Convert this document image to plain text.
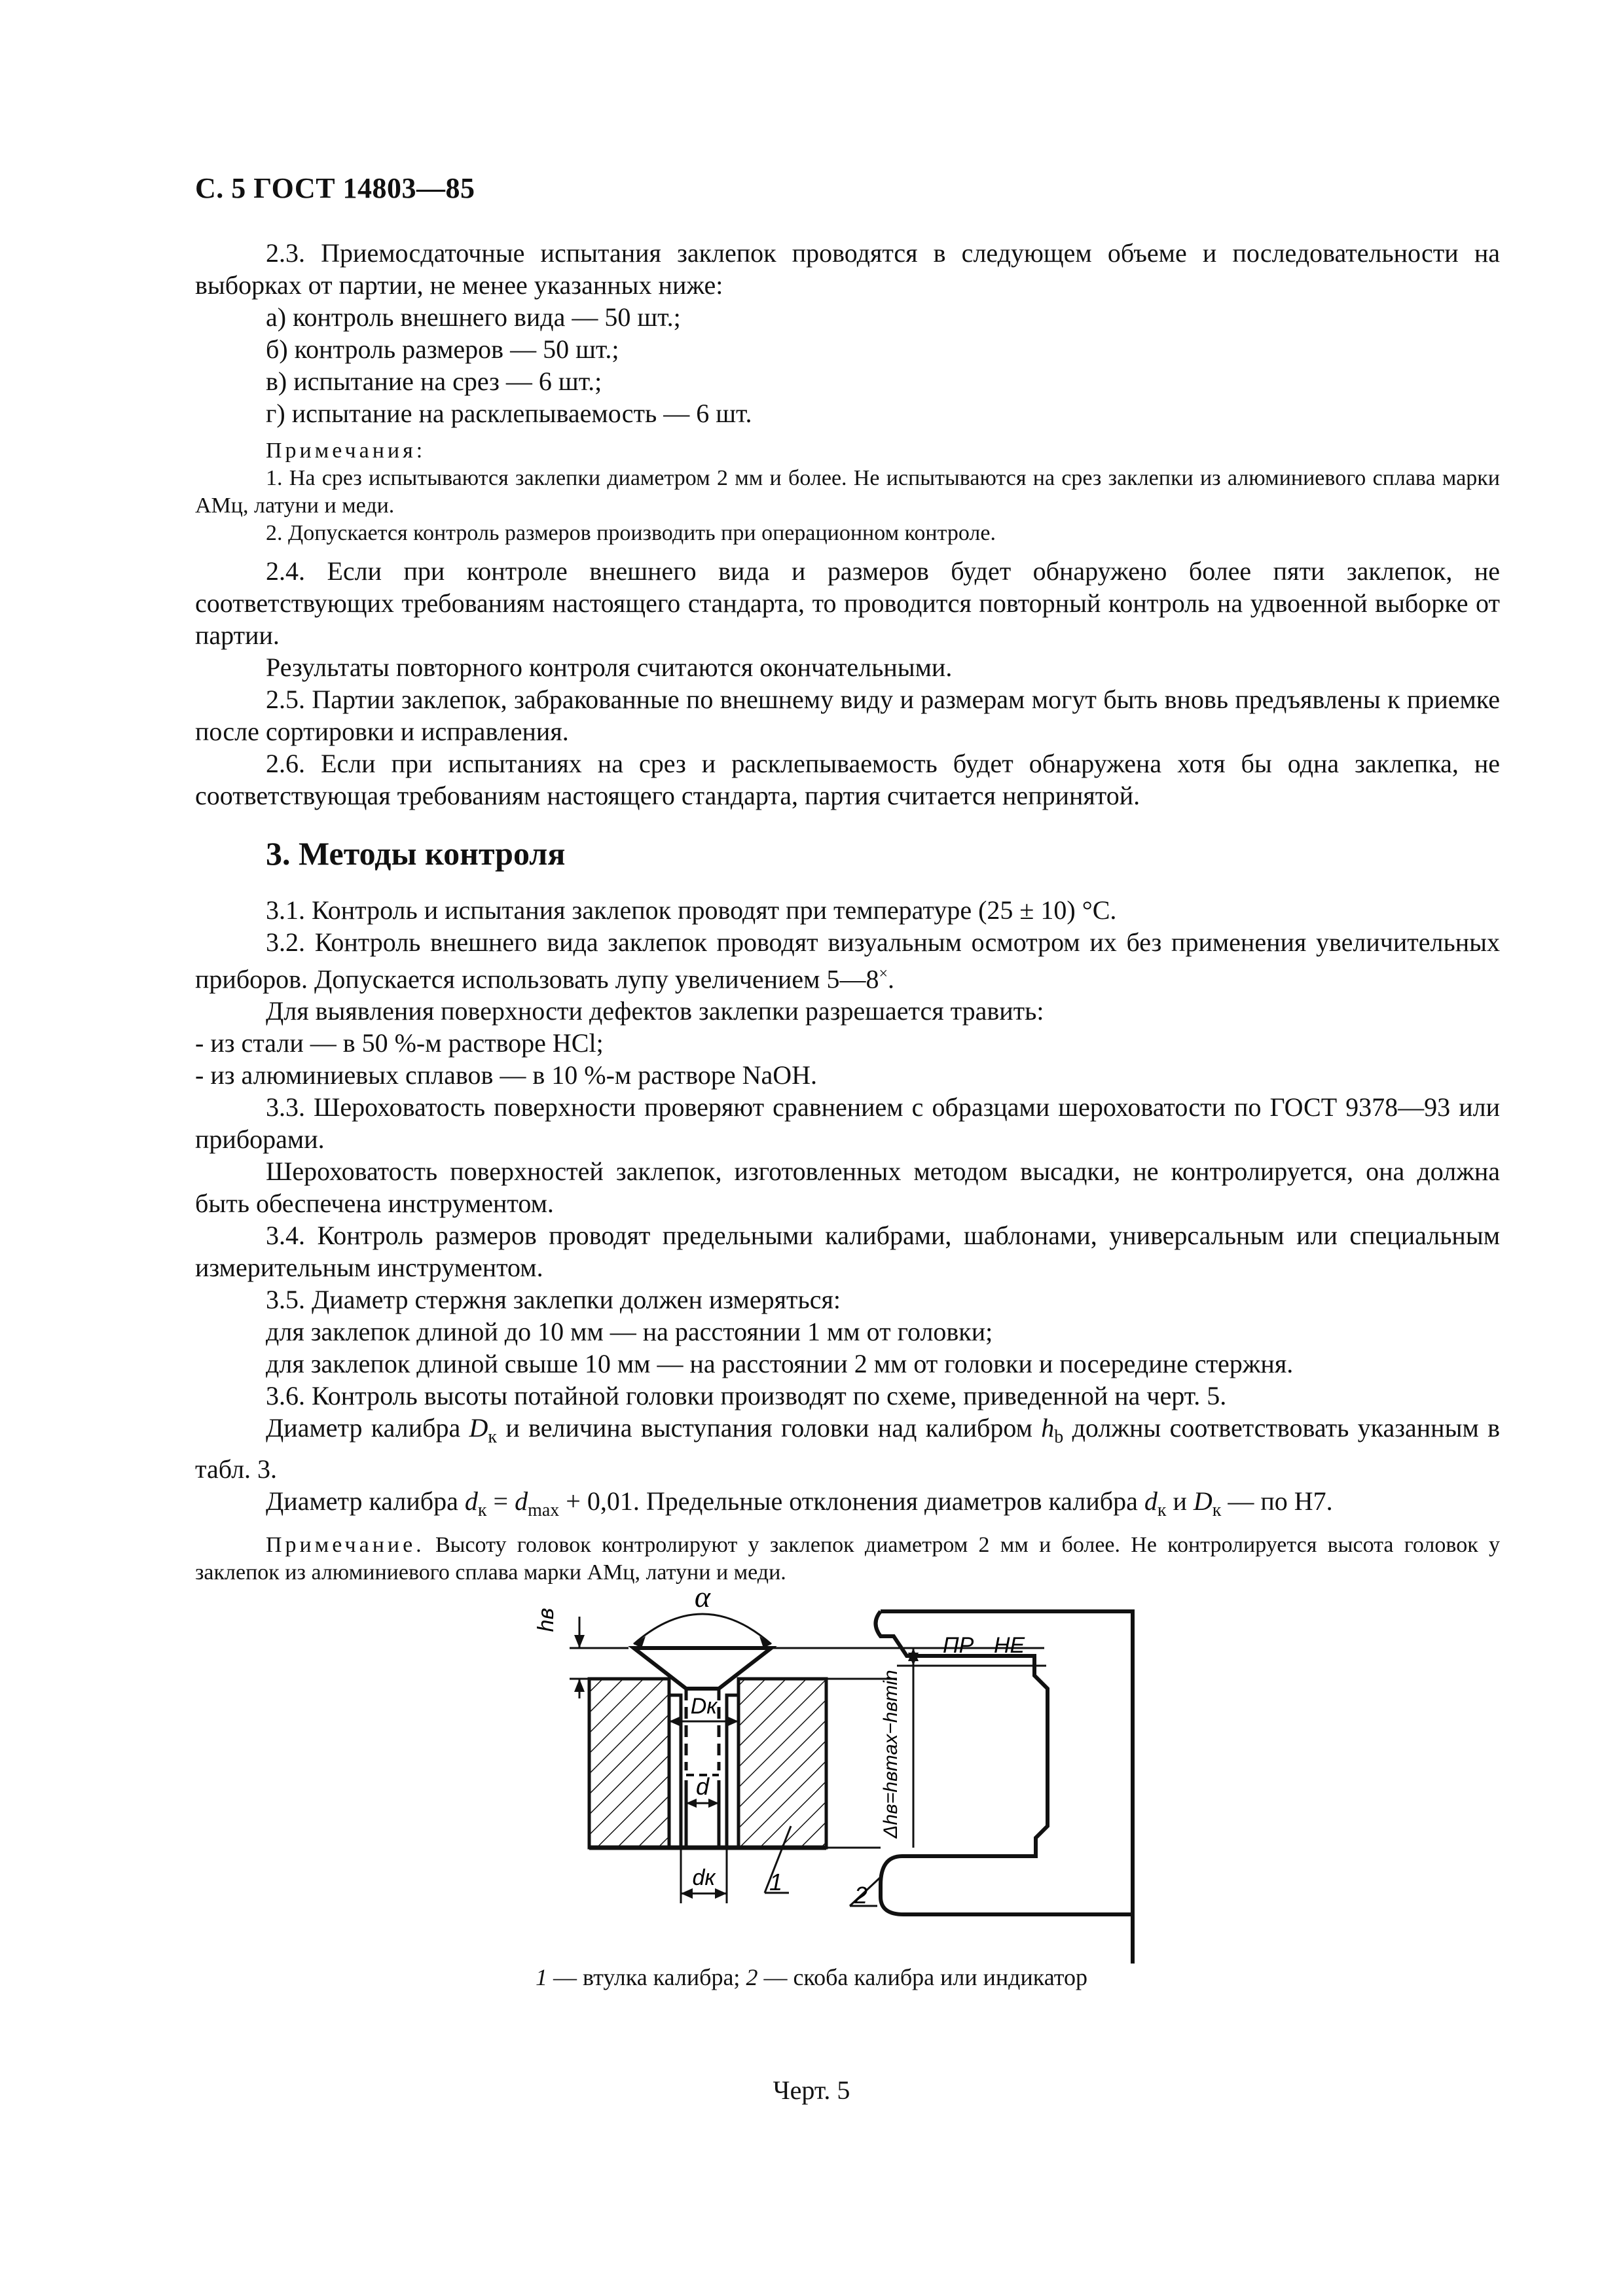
С. 5 ГОСТ 14803—85

2.3. Приемосдаточные испытания заклепок проводятся в следующем объеме и последовательности на выборках от партии, не менее указанных ниже:

а) контроль внешнего вида — 50 шт.;

б) контроль размеров — 50 шт.;

в) испытание на срез — 6 шт.;

г) испытание на расклепываемость — 6 шт.

Примечания:

1. На срез испытываются заклепки диаметром 2 мм и более. Не испытываются на срез заклепки из алюминиевого сплава марки АМц, латуни и меди.

2. Допускается контроль размеров производить при операционном контроле.

2.4. Если при контроле внешнего вида и размеров будет обнаружено более пяти заклепок, не соответствующих требованиям настоящего стандарта, то проводится повторный контроль на удвоенной выборке от партии.

Результаты повторного контроля считаются окончательными.

2.5. Партии заклепок, забракованные по внешнему виду и размерам могут быть вновь предъявлены к приемке после сортировки и исправления.

2.6. Если при испытаниях на срез и расклепываемость будет обнаружена хотя бы одна заклепка, не соответствующая требованиям настоящего стандарта, партия считается непринятой.

3. Методы контроля

3.1. Контроль и испытания заклепок проводят при температуре (25 ± 10) °C.

3.2. Контроль внешнего вида заклепок проводят визуальным осмотром их без применения увеличительных приборов. Допускается использовать лупу увеличением 5—8×.

Для выявления поверхности дефектов заклепки разрешается травить:

- из стали — в 50 %-м растворе HCl;

- из алюминиевых сплавов — в 10 %-м растворе NaOH.

3.3. Шероховатость поверхности проверяют сравнением с образцами шероховатости по ГОСТ 9378—93 или приборами.

Шероховатость поверхностей заклепок, изготовленных методом высадки, не контролируется, она должна быть обеспечена инструментом.

3.4. Контроль размеров проводят предельными калибрами, шаблонами, универсальным или специальным измерительным инструментом.

3.5. Диаметр стержня заклепки должен измеряться:

для заклепок длиной до 10 мм — на расстоянии 1 мм от головки;

для заклепок длиной свыше 10 мм — на расстоянии 2 мм от головки и посередине стержня.

3.6. Контроль высоты потайной головки производят по схеме, приведенной на черт. 5.

Диаметр калибра $D_к$ и величина выступания головки над калибром $h_b$ должны соответствовать указанным в табл. 3.

Диаметр калибра $d_к = d_{max} + 0,01$. Предельные отклонения диаметров калибра $d_к$ и $D_к$ — по Н7.

Примечание. Высоту головок контролируют у заклепок диаметром 2 мм и более. Не контролируется высота головок у заклепок из алюминиевого сплава марки АМц, латуни и меди.

α
hв
Dк
d
dк
ПР НЕ
Δhв=hвmax−hвmin
1	2
1 — втулка калибра; 2 — скоба калибра или индикатор
Черт. 5
